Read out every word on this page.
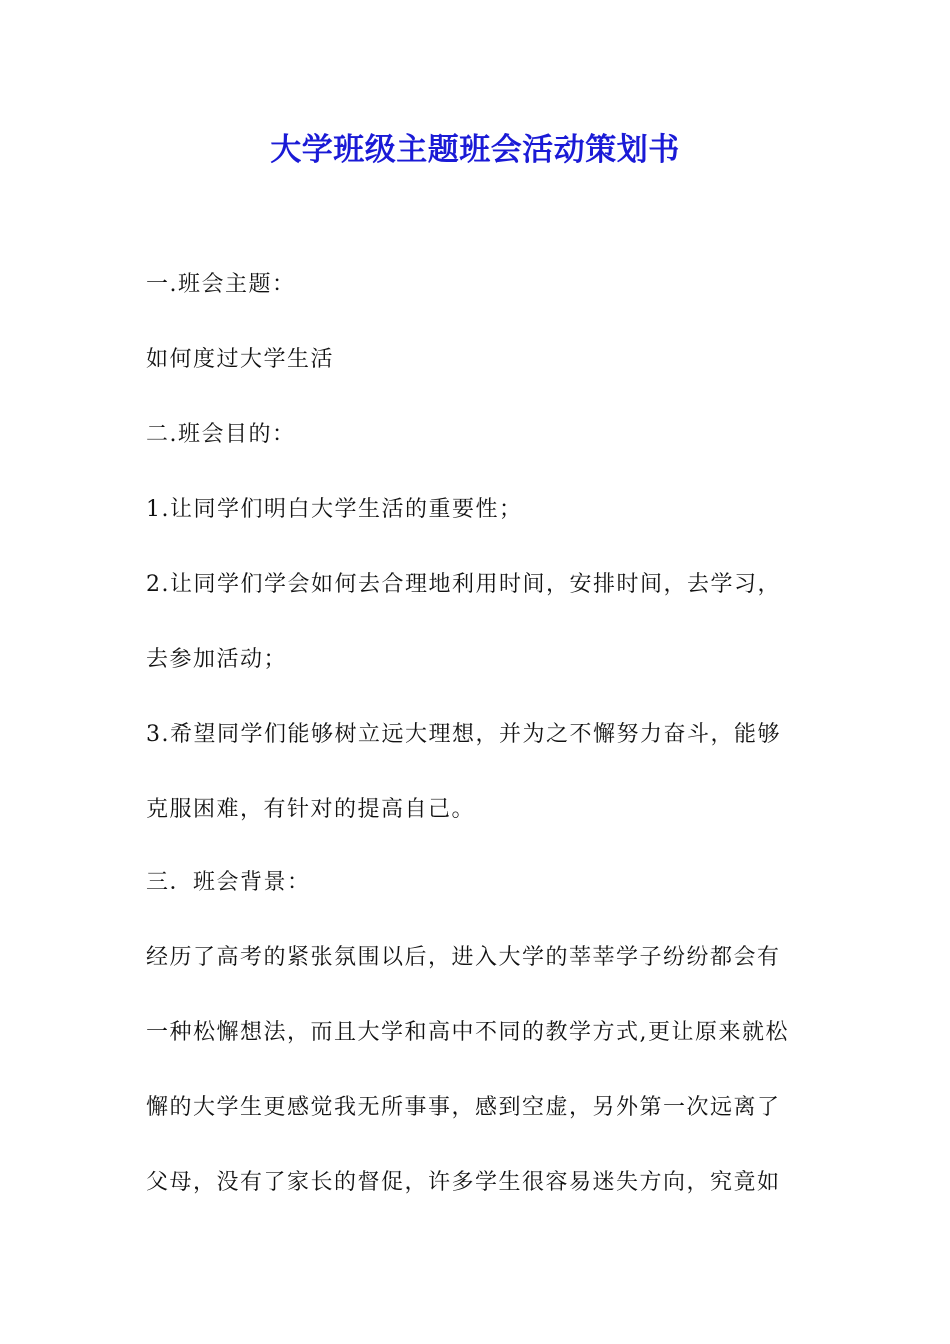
大学班级主题班会活动策划书
一.班会主题：
如何度过大学生活
二.班会目的：
1.让同学们明白大学生活的重要性；
2.让同学们学会如何去合理地利用时间，安排时间，去学习，
去参加活动；
3.希望同学们能够树立远大理想，并为之不懈努力奋斗，能够
克服困难，有针对的提高自己。
三．班会背景：
经历了高考的紧张氛围以后，进入大学的莘莘学子纷纷都会有
一种松懈想法，而且大学和高中不同的教学方式,更让原来就松
懈的大学生更感觉我无所事事，感到空虚，另外第一次远离了
父母，没有了家长的督促，许多学生很容易迷失方向，究竟如
